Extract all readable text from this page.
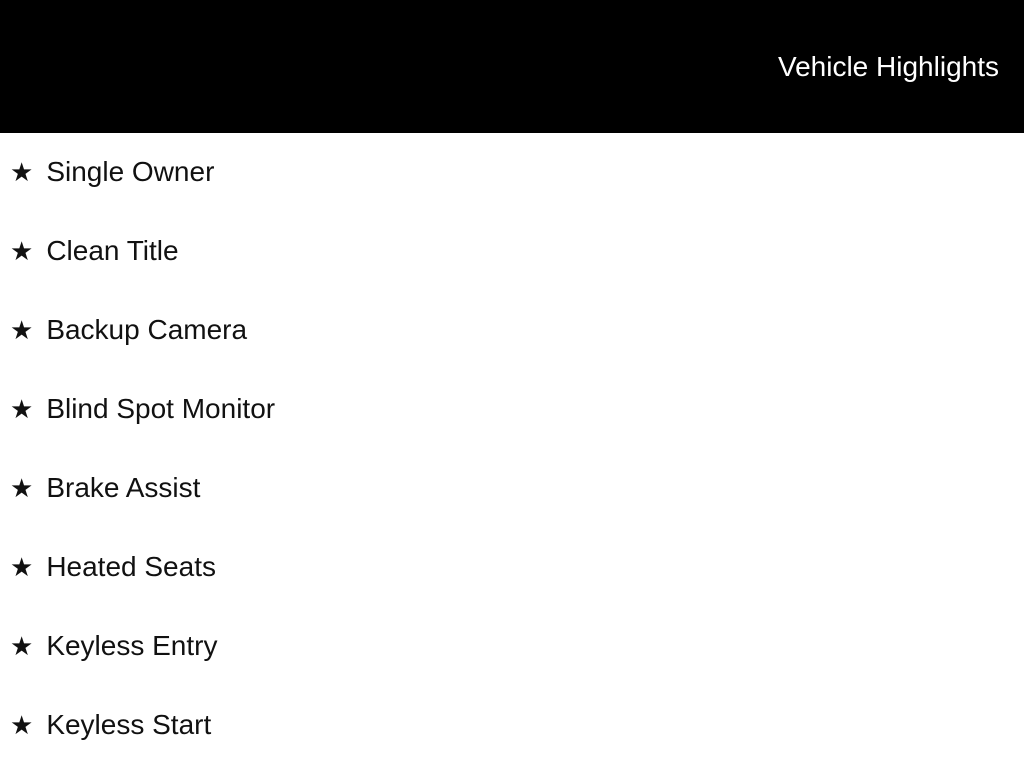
Vehicle Highlights
★ Single Owner
★ Clean Title
★ Backup Camera
★ Blind Spot Monitor
★ Brake Assist
★ Heated Seats
★ Keyless Entry
★ Keyless Start
